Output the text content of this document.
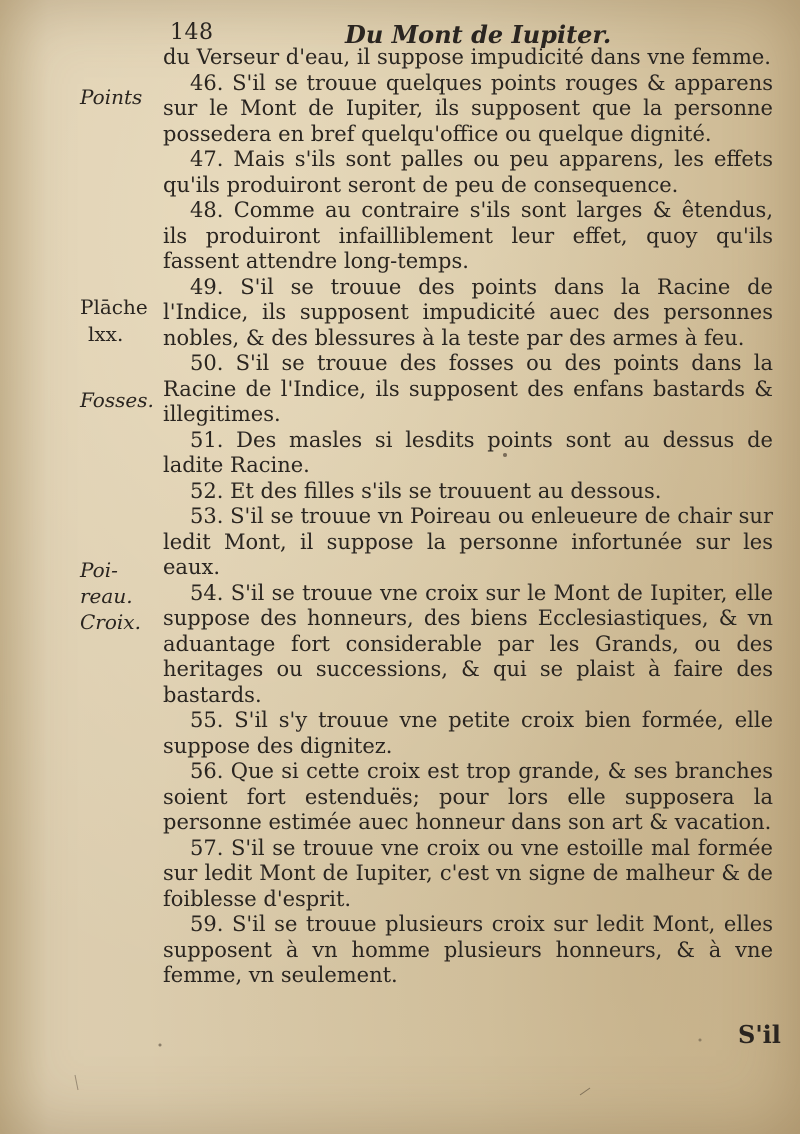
148	Du Mont de Iupiter.
Points
Plāche
lxx.
Fosses.
Poi-
reau.
Croix.

du Verseur d'eau, il suppose impudicité dans vne femme.

46. S'il se trouue quelques points rouges & apparens sur le Mont de Iupiter, ils supposent que la personne possedera en bref quelqu'office ou quelque dignité.

47. Mais s'ils sont palles ou peu apparens, les effets qu'ils produiront seront de peu de consequence.

48. Comme au contraire s'ils sont larges & êtendus, ils produiront infailliblement leur effet, quoy qu'ils fassent attendre long-temps.

49. S'il se trouue des points dans la Racine de l'Indice, ils supposent impudicité auec des personnes nobles, & des blessures à la teste par des armes à feu.

50. S'il se trouue des fosses ou des points dans la Racine de l'Indice, ils supposent des enfans bastards & illegitimes.

51. Des masles si lesdits points sont au dessus de ladite Racine.

52. Et des filles s'ils se trouuent au dessous.

53. S'il se trouue vn Poireau ou enleueure de chair sur ledit Mont, il suppose la personne infortunée sur les eaux.

54. S'il se trouue vne croix sur le Mont de Iupiter, elle suppose des honneurs, des biens Ecclesiastiques, & vn aduantage fort considerable par les Grands, ou des heritages ou successions, & qui se plaist à faire des bastards.

55. S'il s'y trouue vne petite croix bien formée, elle suppose des dignitez.

56. Que si cette croix est trop grande, & ses branches soient fort estenduës; pour lors elle supposera la personne estimée auec honneur dans son art & vacation.

57. S'il se trouue vne croix ou vne estoille mal formée sur ledit Mont de Iupiter, c'est vn signe de malheur & de foiblesse d'esprit.

59. S'il se trouue plusieurs croix sur ledit Mont, elles supposent à vn homme plusieurs honneurs, & à vne femme, vn seulement.

S'il
